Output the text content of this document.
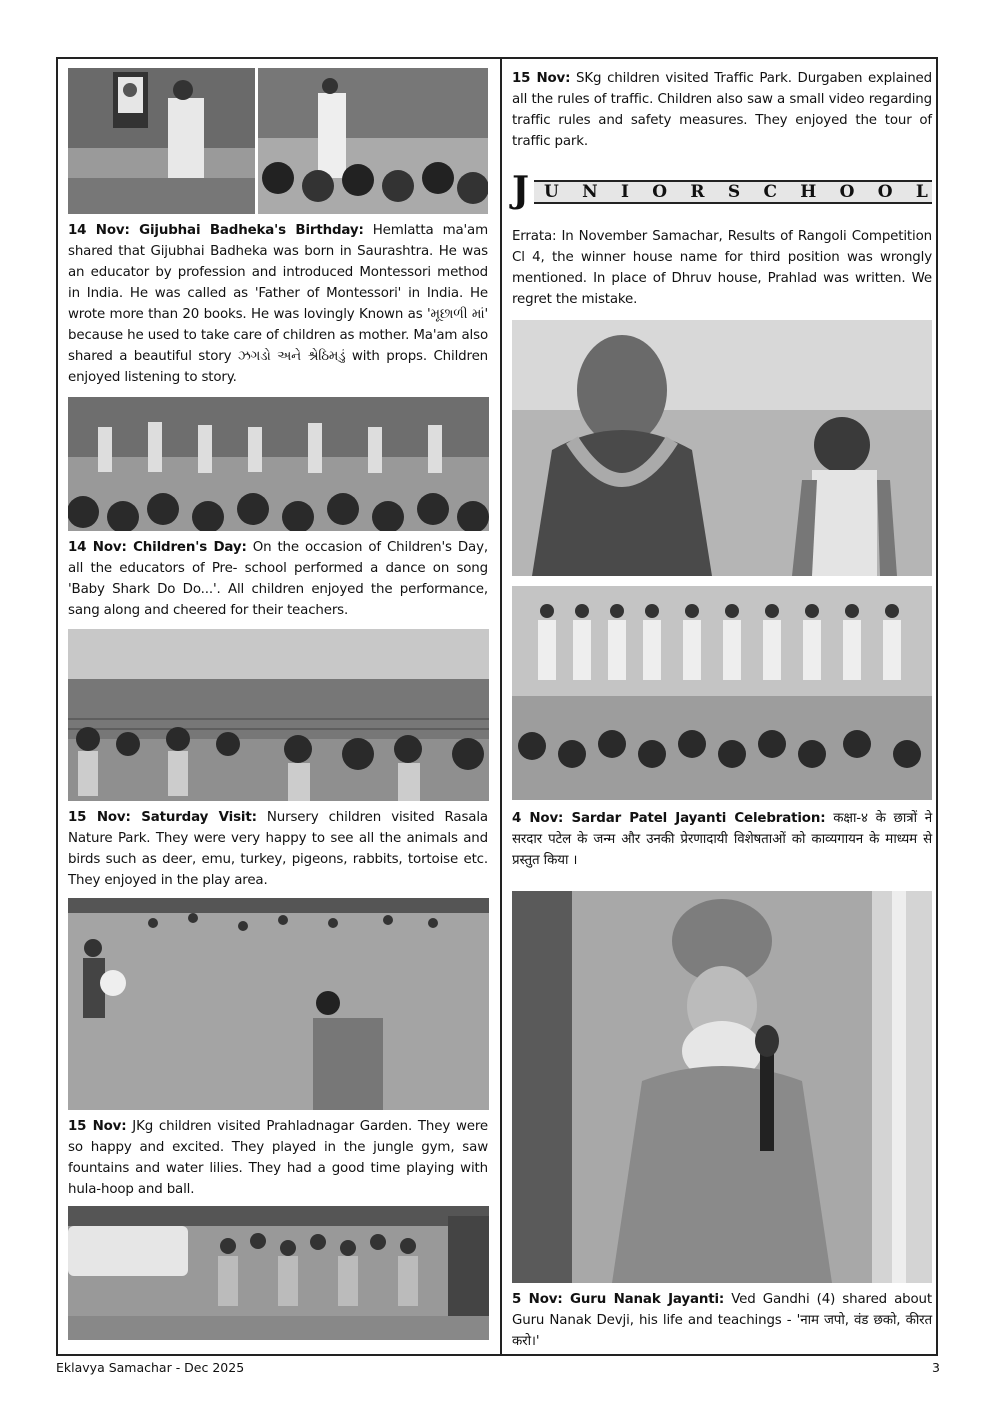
14 Nov: Gijubhai Badheka's Birthday: Hemlatta ma'am shared that Gijubhai Badheka was born in Saurashtra. He was an educator by profession and introduced Montessori method in India. He was called as 'Father of Montessori' in India. He wrote more than 20 books. He was lovingly Known as 'મૂછાળી માં' because he used to take care of children as mother. Ma'am also shared a beautiful story ઝગડો અને શ્રેઠિમડું with props. Children enjoyed listening to story.

14 Nov: Children's Day: On the occasion of Children's Day, all the educators of Pre- school performed a dance on song 'Baby Shark Do Do...'. All children enjoyed the performance, sang along and cheered for their teachers.

15 Nov: Saturday Visit: Nursery children visited Rasala Nature Park. They were very happy to see all the animals and birds such as deer, emu, turkey, pigeons, rabbits, tortoise etc. They enjoyed in the play area.

15 Nov: JKg children visited Prahladnagar Garden. They were so happy and excited. They played in the jungle gym, saw fountains and water lilies. They had a good time playing with hula-hoop and ball.

15 Nov: SKg children visited Traffic Park. Durgaben explained all the rules of traffic. Children also saw a small video regarding traffic rules and safety measures. They enjoyed the tour of traffic park.

J U N I O R S C H O O L

Errata: In November Samachar, Results of Rangoli Competition Cl 4, the winner house name for third position was wrongly mentioned. In place of Dhruv house, Prahlad was written. We regret the mistake.

4 Nov: Sardar Patel Jayanti Celebration: कक्षा-४ के छात्रों ने सरदार पटेल के जन्म और उनकी प्रेरणादायी विशेषताओं को काव्यगायन के माध्यम से प्रस्तुत किया ।

5 Nov: Guru Nanak Jayanti: Ved Gandhi (4) shared about Guru Nanak Devji, his life and teachings - 'नाम जपो, वंड छको, कीरत करो।'

Eklavya Samachar - Dec 2025	3
